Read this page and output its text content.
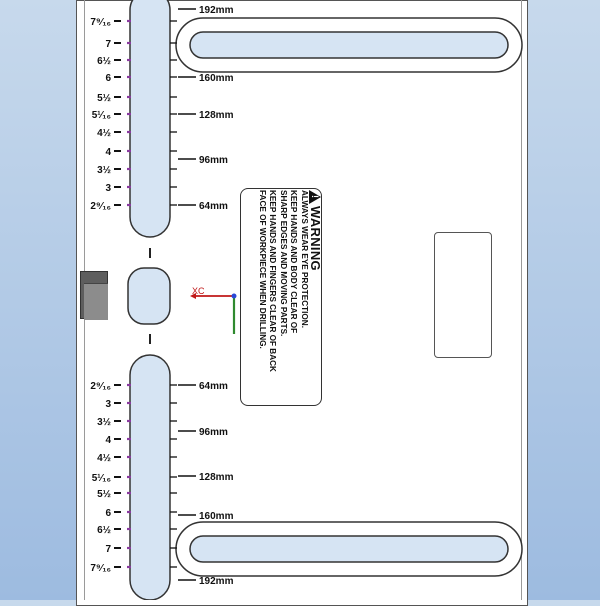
7⁹⁄₁₆
7
6½
6
5½
5¹⁄₁₆
4½
4
3½
3
2⁹⁄₁₆
192mm
160mm
128mm
96mm
64mm
2⁹⁄₁₆
3
3½
4
4½
5¹⁄₁₆
5½
6
6½
7
7⁹⁄₁₆
64mm
96mm
128mm
160mm
192mm
XC
!
WARNING
ALWAYS WEAR EYE PROTECTION.
KEEP HANDS AND BODY CLEAR OF
SHARP EDGES AND MOVING PARTS.
KEEP HANDS AND FINGERS CLEAR OF BACK
FACE OF WORKPIECE WHEN DRILLING.
